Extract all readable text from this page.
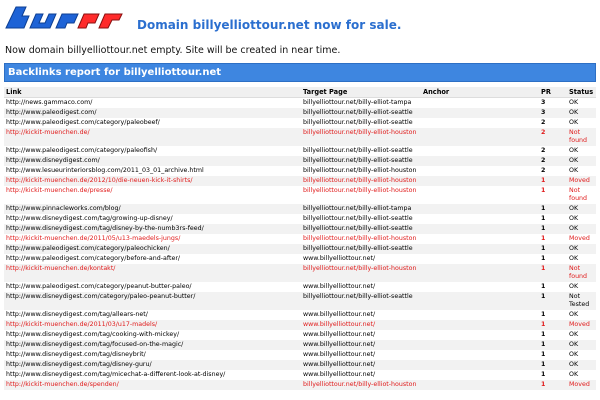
Domain billyelliottour.net now for sale.
Now domain billyelliottour.net empty. Site will be created in near time.
Backlinks report for billyelliottour.net
Link	Target Page	Anchor	PR	Status
http://news.gammaco.com/	billyelliottour.net/billy-elliot-tampa		3	OK
http://www.paleodigest.com/	billyelliottour.net/billy-elliot-seattle		3	OK
http://www.paleodigest.com/category/paleobeef/	billyelliottour.net/billy-elliot-seattle		2	OK
http://kickit-muenchen.de/	billyelliottour.net/billy-elliot-houston		2	Not found
http://www.paleodigest.com/category/paleofish/	billyelliottour.net/billy-elliot-seattle		2	OK
http://www.disneydigest.com/	billyelliottour.net/billy-elliot-seattle		2	OK
http://www.lesueurinteriorsblog.com/2011_03_01_archive.html	billyelliottour.net/billy-elliot-houston		2	OK
http://kickit-muenchen.de/2012/10/die-neuen-kick-it-shirts/	billyelliottour.net/billy-elliot-houston		1	Moved
http://kickit-muenchen.de/presse/	billyelliottour.net/billy-elliot-houston		1	Not found
http://www.pinnacleworks.com/blog/	billyelliottour.net/billy-elliot-tampa		1	OK
http://www.disneydigest.com/tag/growing-up-disney/	billyelliottour.net/billy-elliot-seattle		1	OK
http://www.disneydigest.com/tag/disney-by-the-numb3rs-feed/	billyelliottour.net/billy-elliot-seattle		1	OK
http://kickit-muenchen.de/2011/05/u13-maedels-jungs/	billyelliottour.net/billy-elliot-houston		1	Moved
http://www.paleodigest.com/category/paleochicken/	billyelliottour.net/billy-elliot-seattle		1	OK
http://www.paleodigest.com/category/before-and-after/	www.billyelliottour.net/		1	OK
http://kickit-muenchen.de/kontakt/	billyelliottour.net/billy-elliot-houston		1	Not found
http://www.paleodigest.com/category/peanut-butter-paleo/	www.billyelliottour.net/		1	OK
http://www.disneydigest.com/category/paleo-peanut-butter/	billyelliottour.net/billy-elliot-seattle		1	Not Tested
http://www.disneydigest.com/tag/allears-net/	www.billyelliottour.net/		1	OK
http://kickit-muenchen.de/2011/03/u17-madels/	www.billyelliottour.net/		1	Moved
http://www.disneydigest.com/tag/cooking-with-mickey/	www.billyelliottour.net/		1	OK
http://www.disneydigest.com/tag/focused-on-the-magic/	www.billyelliottour.net/		1	OK
http://www.disneydigest.com/tag/disneybrit/	www.billyelliottour.net/		1	OK
http://www.disneydigest.com/tag/disney-guru/	www.billyelliottour.net/		1	OK
http://www.disneydigest.com/tag/micechat-a-different-look-at-disney/	www.billyelliottour.net/		1	OK
http://kickit-muenchen.de/spenden/	billyelliottour.net/billy-elliot-houston		1	Moved
